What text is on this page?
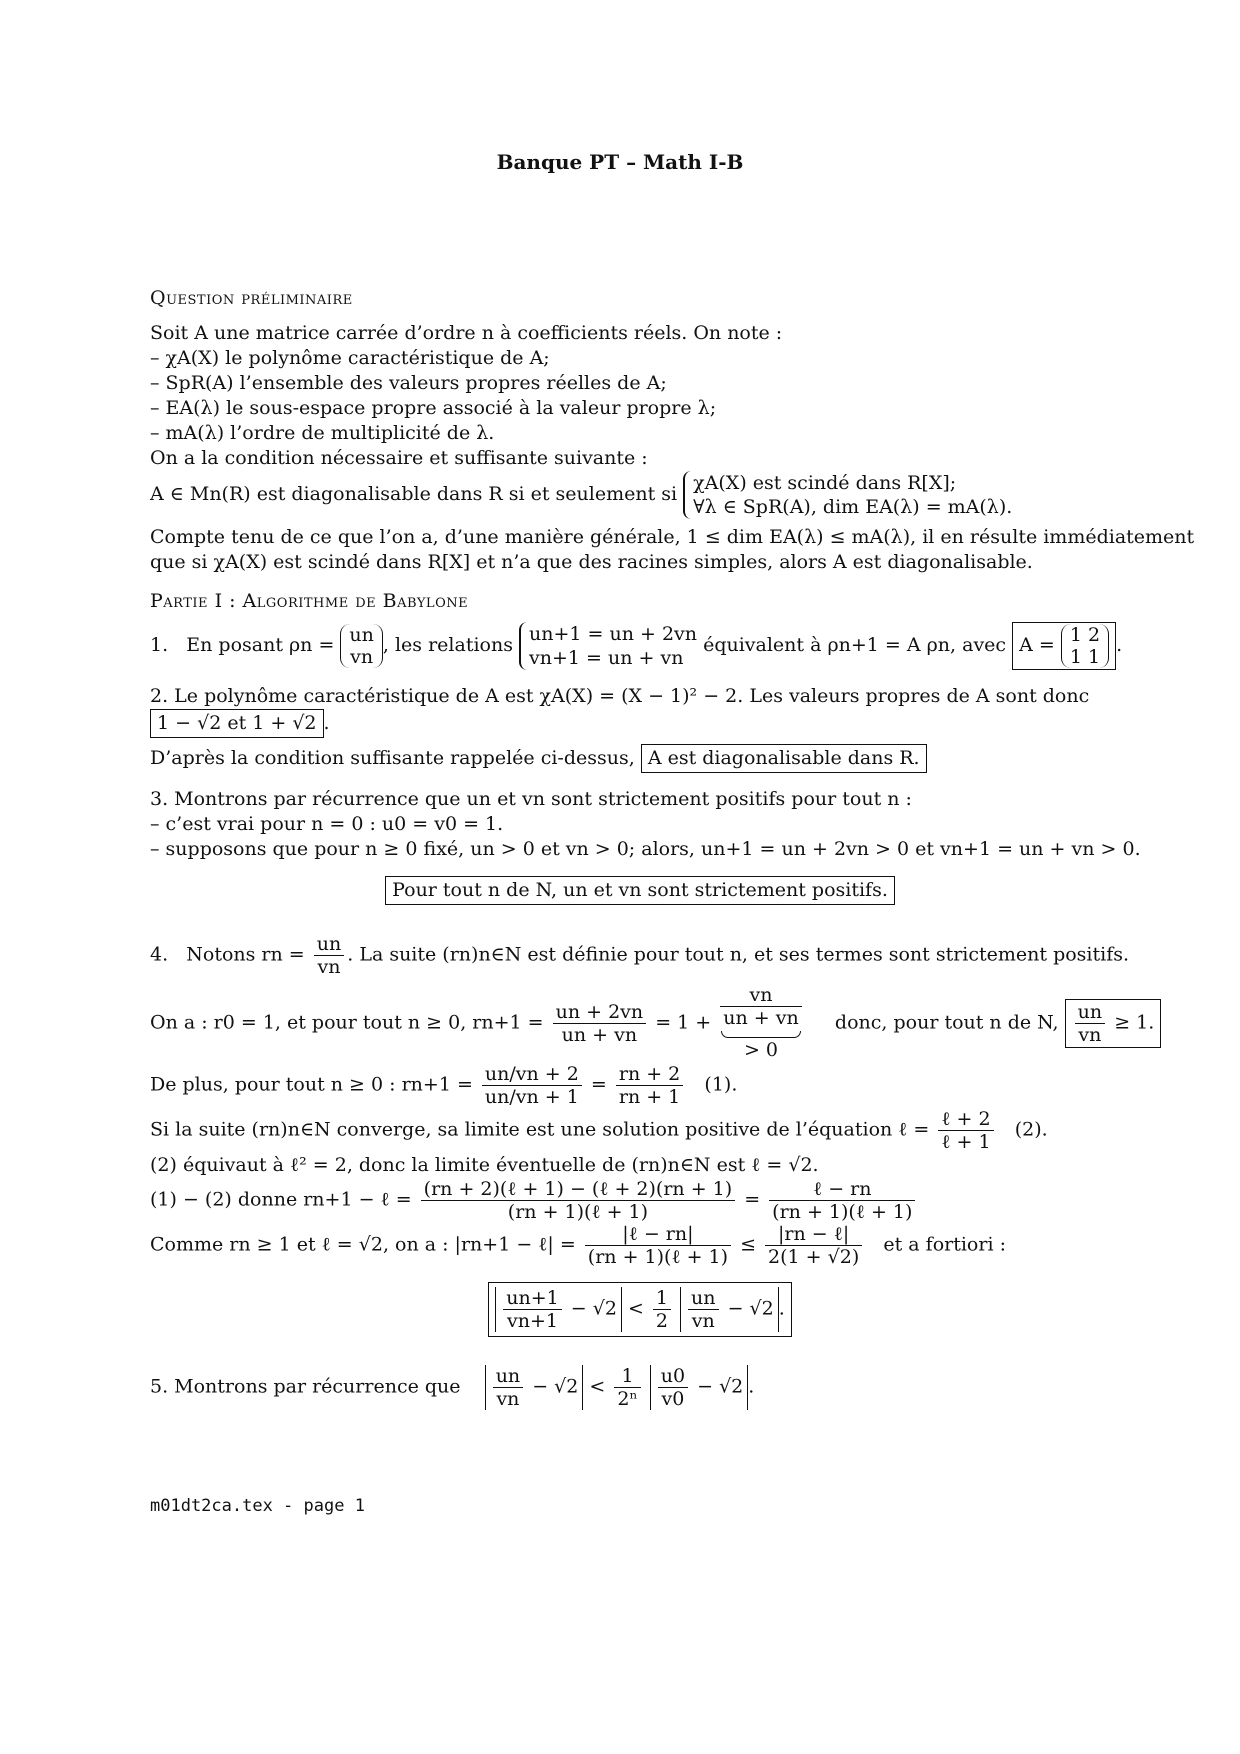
Banque PT – Math I-B
Question préliminaire
Soit A une matrice carrée d’ordre n à coefficients réels. On note :
– χA(X) le polynôme caractéristique de A;
– SpR(A) l’ensemble des valeurs propres réelles de A;
– EA(λ) le sous-espace propre associé à la valeur propre λ;
– mA(λ) l’ordre de multiplicité de λ.
On a la condition nécessaire et suffisante suivante :
A ∈ Mn(R) est diagonalisable dans R si et seulement si χA(X) est scindé dans R[X];
∀λ ∈ SpR(A), dim EA(λ) = mA(λ).
Compte tenu de ce que l’on a, d’une manière générale, 1 ≤ dim EA(λ) ≤ mA(λ), il en résulte immédiatement
que si χA(X) est scindé dans R[X] et n’a que des racines simples, alors A est diagonalisable.
Partie I : Algorithme de Babylone
1. En posant ρn = un
vn
, les relations un+1 = un + 2vn
vn+1 = un + vn
équivalent à ρn+1 = A ρn, avec A = 1 2
1 1
.
2. Le polynôme caractéristique de A est χA(X) = (X − 1)² − 2. Les valeurs propres de A sont donc
1 − √2 et 1 + √2 .
D’après la condition suffisante rappelée ci-dessus, A est diagonalisable dans R.
3. Montrons par récurrence que un et vn sont strictement positifs pour tout n :
– c’est vrai pour n = 0 : u0 = v0 = 1.
– supposons que pour n ≥ 0 fixé, un > 0 et vn > 0; alors, un+1 = un + 2vn > 0 et vn+1 = un + vn > 0.
Pour tout n de N, un et vn sont strictement positifs.
4. Notons rn = $\frac{un}{vn}$ . La suite (rn)n∈N est définie pour tout n, et ses termes sont strictement positifs.
On a : r0 = 1, et pour tout n ≥ 0, $rn+1 = \frac{un + 2vn}{un + vn} = 1 + \frac{vn}{un + vn}$
> 0
donc, pour tout n de N, $\frac{un}{vn} \ge 1$.
De plus, pour tout n ≥ 0 : $rn+1 = \frac{un/vn + 2}{un/vn + 1} = \frac{rn + 2}{rn + 1} (1)$.
Si la suite (rn)n∈N converge, sa limite est une solution positive de l’équation ℓ = $\frac{\text{ℓ + 2}}{\text{ℓ + 1}} (2)$.
(2) équivaut à ℓ² = 2, donc la limite éventuelle de (rn)n∈N est ℓ = √2.
(1) − (2) donne rn+1 − ℓ = $\frac{\text{(rn + 2)(ℓ + 1) − (ℓ + 2)(rn + 1)}}{\text{(rn + 1)(ℓ + 1)}} = \frac{\text{ℓ − rn}}{\text{(rn + 1)(ℓ + 1)}}$
Comme rn ≥ 1 et ℓ = √2, on a : |rn+1 − ℓ| = $\frac{\text{|ℓ − rn|}}{\text{(rn + 1)(ℓ + 1)}} \le \frac{\text{|rn − ℓ|}}{2(1 + √2)}$ et a fortiori :
$\frac{un+1}{vn+1} - √2 < \frac{1}{2}$
$\frac{un}{vn} - √2$ .
5. Montrons par récurrence que $\frac{un}{vn} - √2 < \frac{1}{\text{2ⁿ}}$
$\frac{u0}{v0} - √2$ .
m01dt2ca.tex - page 1
